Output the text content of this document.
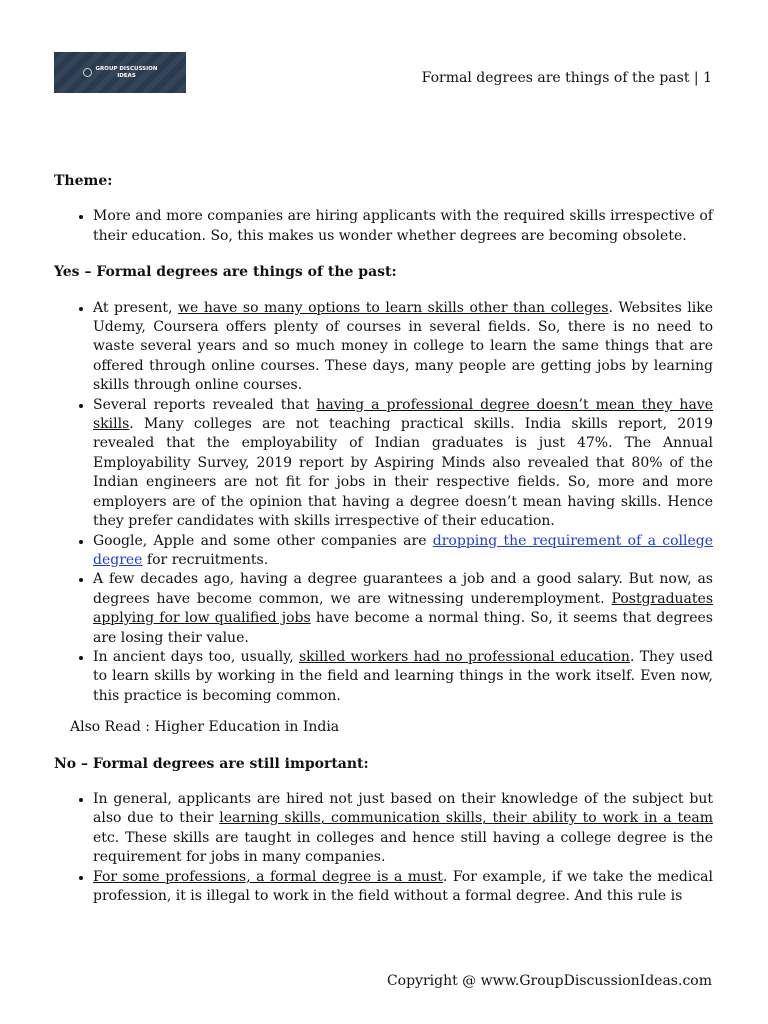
GROUP DISCUSSION
IDEAS	Formal degrees are things of the past | 1

Theme:

• More and more companies are hiring applicants with the required skills irrespective of their education. So, this makes us wonder whether degrees are becoming obsolete.

Yes – Formal degrees are things of the past:

• At present, we have so many options to learn skills other than colleges. Websites like Udemy, Coursera offers plenty of courses in several fields. So, there is no need to waste several years and so much money in college to learn the same things that are offered through online courses. These days, many people are getting jobs by learning skills through online courses.
• Several reports revealed that having a professional degree doesn’t mean they have skills. Many colleges are not teaching practical skills. India skills report, 2019 revealed that the employability of Indian graduates is just 47%. The Annual Employability Survey, 2019 report by Aspiring Minds also revealed that 80% of the Indian engineers are not fit for jobs in their respective fields. So, more and more employers are of the opinion that having a degree doesn’t mean having skills. Hence they prefer candidates with skills irrespective of their education.
• Google, Apple and some other companies are dropping the requirement of a college degree for recruitments.
• A few decades ago, having a degree guarantees a job and a good salary. But now, as degrees have become common, we are witnessing underemployment. Postgraduates applying for low qualified jobs have become a normal thing. So, it seems that degrees are losing their value.
• In ancient days too, usually, skilled workers had no professional education. They used to learn skills by working in the field and learning things in the work itself. Even now, this practice is becoming common.

Also Read : Higher Education in India

No – Formal degrees are still important:

• In general, applicants are hired not just based on their knowledge of the subject but also due to their learning skills, communication skills, their ability to work in a team etc. These skills are taught in colleges and hence still having a college degree is the requirement for jobs in many companies.
• For some professions, a formal degree is a must. For example, if we take the medical profession, it is illegal to work in the field without a formal degree. And this rule is
Copyright @ www.GroupDiscussionIdeas.com
